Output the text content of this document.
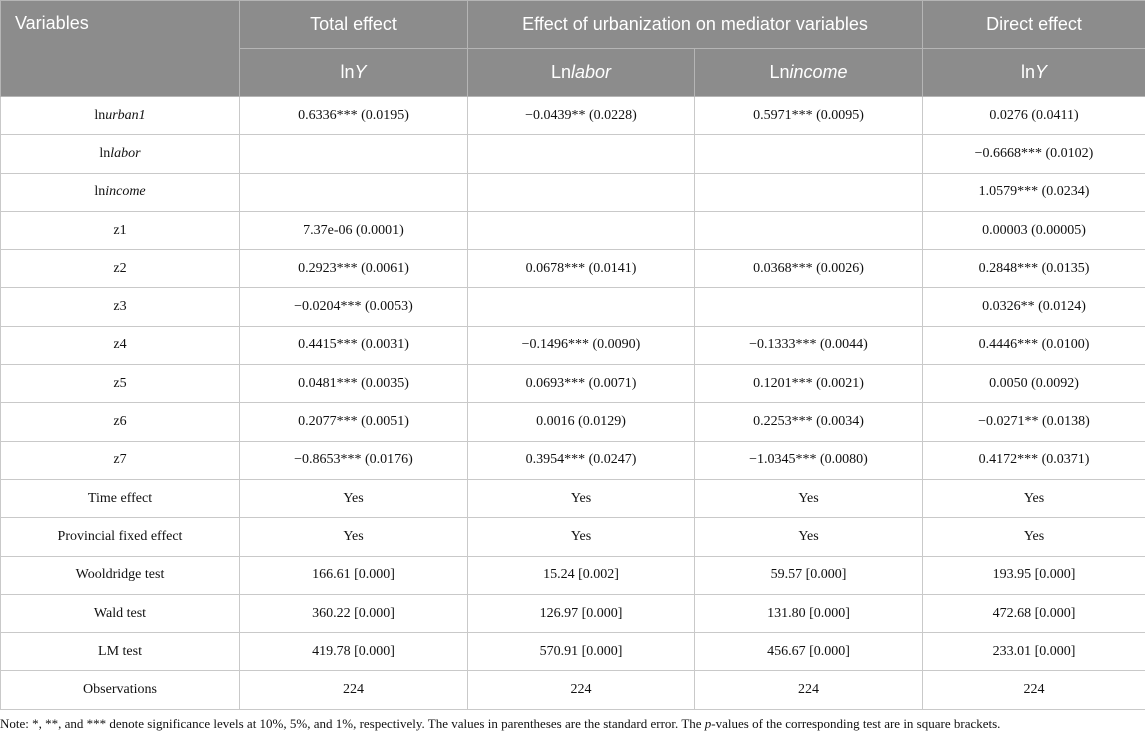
Variables	Total effect	Effect of urbanization on mediator variables		Direct effect
	lnY	Lnlabor	Lnincome	lnY
lnurban1	0.6336*** (0.0195)	−0.0439** (0.0228)	0.5971*** (0.0095)	0.0276 (0.0411)
lnlabor				−0.6668*** (0.0102)
lnincome				1.0579*** (0.0234)
z1	7.37e-06 (0.0001)			0.00003 (0.00005)
z2	0.2923*** (0.0061)	0.0678*** (0.0141)	0.0368*** (0.0026)	0.2848*** (0.0135)
z3	−0.0204*** (0.0053)			0.0326** (0.0124)
z4	0.4415*** (0.0031)	−0.1496*** (0.0090)	−0.1333*** (0.0044)	0.4446*** (0.0100)
z5	0.0481*** (0.0035)	0.0693*** (0.0071)	0.1201*** (0.0021)	0.0050 (0.0092)
z6	0.2077*** (0.0051)	0.0016 (0.0129)	0.2253*** (0.0034)	−0.0271** (0.0138)
z7	−0.8653*** (0.0176)	0.3954*** (0.0247)	−1.0345*** (0.0080)	0.4172*** (0.0371)
Time effect	Yes	Yes	Yes	Yes
Provincial fixed effect	Yes	Yes	Yes	Yes
Wooldridge test	166.61 [0.000]	15.24 [0.002]	59.57 [0.000]	193.95 [0.000]
Wald test	360.22 [0.000]	126.97 [0.000]	131.80 [0.000]	472.68 [0.000]
LM test	419.78 [0.000]	570.91 [0.000]	456.67 [0.000]	233.01 [0.000]
Observations	224	224	224	224
Note: *, **, and *** denote significance levels at 10%, 5%, and 1%, respectively. The values in parentheses are the standard error. The p-values of the corresponding test are in square brackets.
